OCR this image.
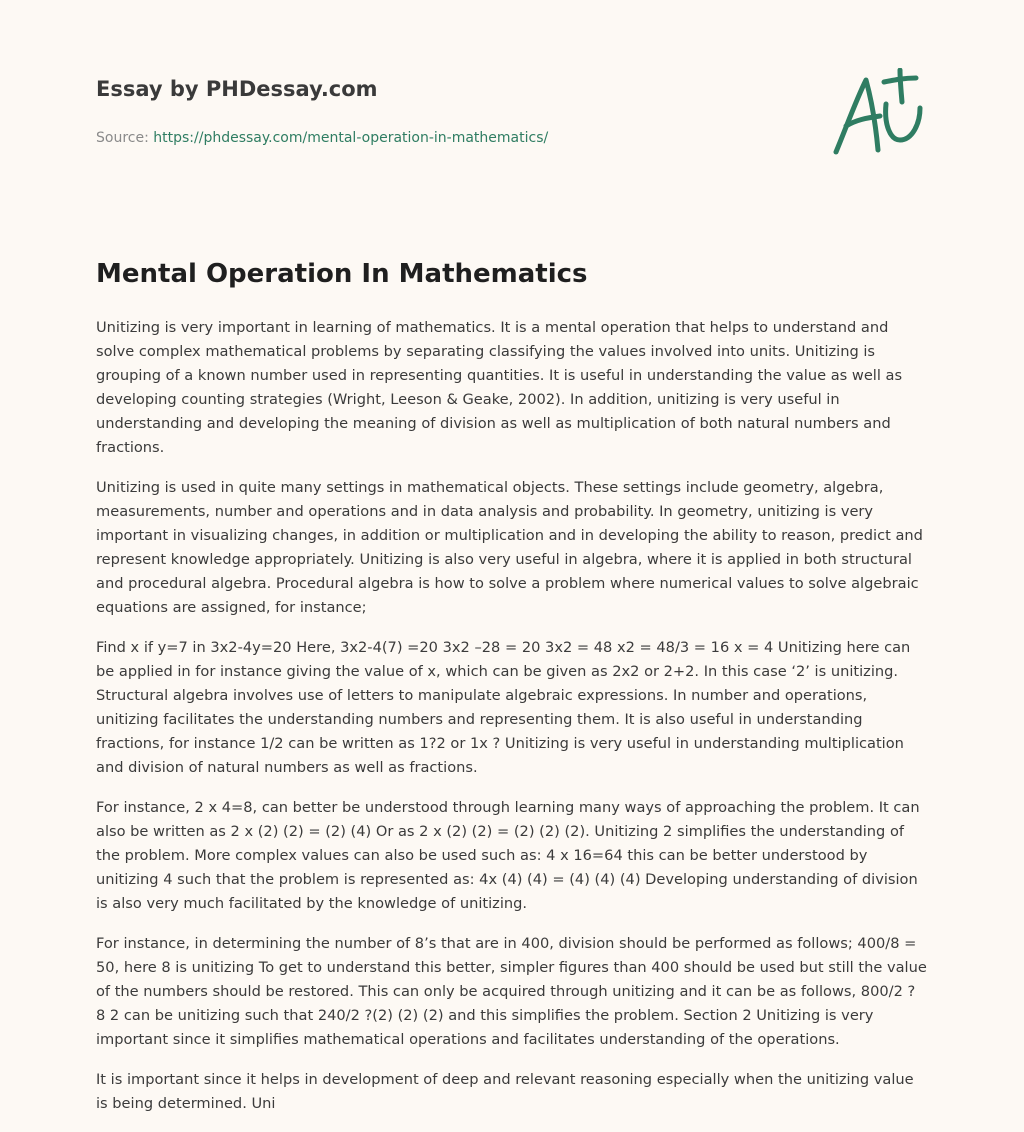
Essay by PHDessay.com
Source: https://phdessay.com/mental-operation-in-mathematics/
Mental Operation In Mathematics

Unitizing is very important in learning of mathematics. It is a mental operation that helps to understand and solve complex mathematical problems by separating classifying the values involved into units. Unitizing is grouping of a known number used in representing quantities. It is useful in understanding the value as well as developing counting strategies (Wright, Leeson & Geake, 2002). In addition, unitizing is very useful in understanding and developing the meaning of division as well as multiplication of both natural numbers and fractions.

Unitizing is used in quite many settings in mathematical objects. These settings include geometry, algebra, measurements, number and operations and in data analysis and probability. In geometry, unitizing is very important in visualizing changes, in addition or multiplication and in developing the ability to reason, predict and represent knowledge appropriately. Unitizing is also very useful in algebra, where it is applied in both structural and procedural algebra. Procedural algebra is how to solve a problem where numerical values to solve algebraic equations are assigned, for instance;

Find x if y=7 in 3x2-4y=20 Here, 3x2-4(7) =20 3x2 –28 = 20 3x2 = 48 x2 = 48/3 = 16 x = 4 Unitizing here can be applied in for instance giving the value of x, which can be given as 2x2 or 2+2. In this case ‘2’ is unitizing. Structural algebra involves use of letters to manipulate algebraic expressions. In number and operations, unitizing facilitates the understanding numbers and representing them. It is also useful in understanding fractions, for instance 1/2 can be written as 1?2 or 1x ? Unitizing is very useful in understanding multiplication and division of natural numbers as well as fractions.

For instance, 2 x 4=8, can better be understood through learning many ways of approaching the problem. It can also be written as 2 x (2) (2) = (2) (4) Or as 2 x (2) (2) = (2) (2) (2). Unitizing 2 simplifies the understanding of the problem. More complex values can also be used such as: 4 x 16=64 this can be better understood by unitizing 4 such that the problem is represented as: 4x (4) (4) = (4) (4) (4) Developing understanding of division is also very much facilitated by the knowledge of unitizing.

For instance, in determining the number of 8’s that are in 400, division should be performed as follows; 400/8 = 50, here 8 is unitizing To get to understand this better, simpler figures than 400 should be used but still the value of the numbers should be restored. This can only be acquired through unitizing and it can be as follows, 800/2 ? 8 2 can be unitizing such that 240/2 ?(2) (2) (2) and this simplifies the problem. Section 2 Unitizing is very important since it simplifies mathematical operations and facilitates understanding of the operations.

It is important since it helps in development of deep and relevant reasoning especially when the unitizing value is being determined. Uni
